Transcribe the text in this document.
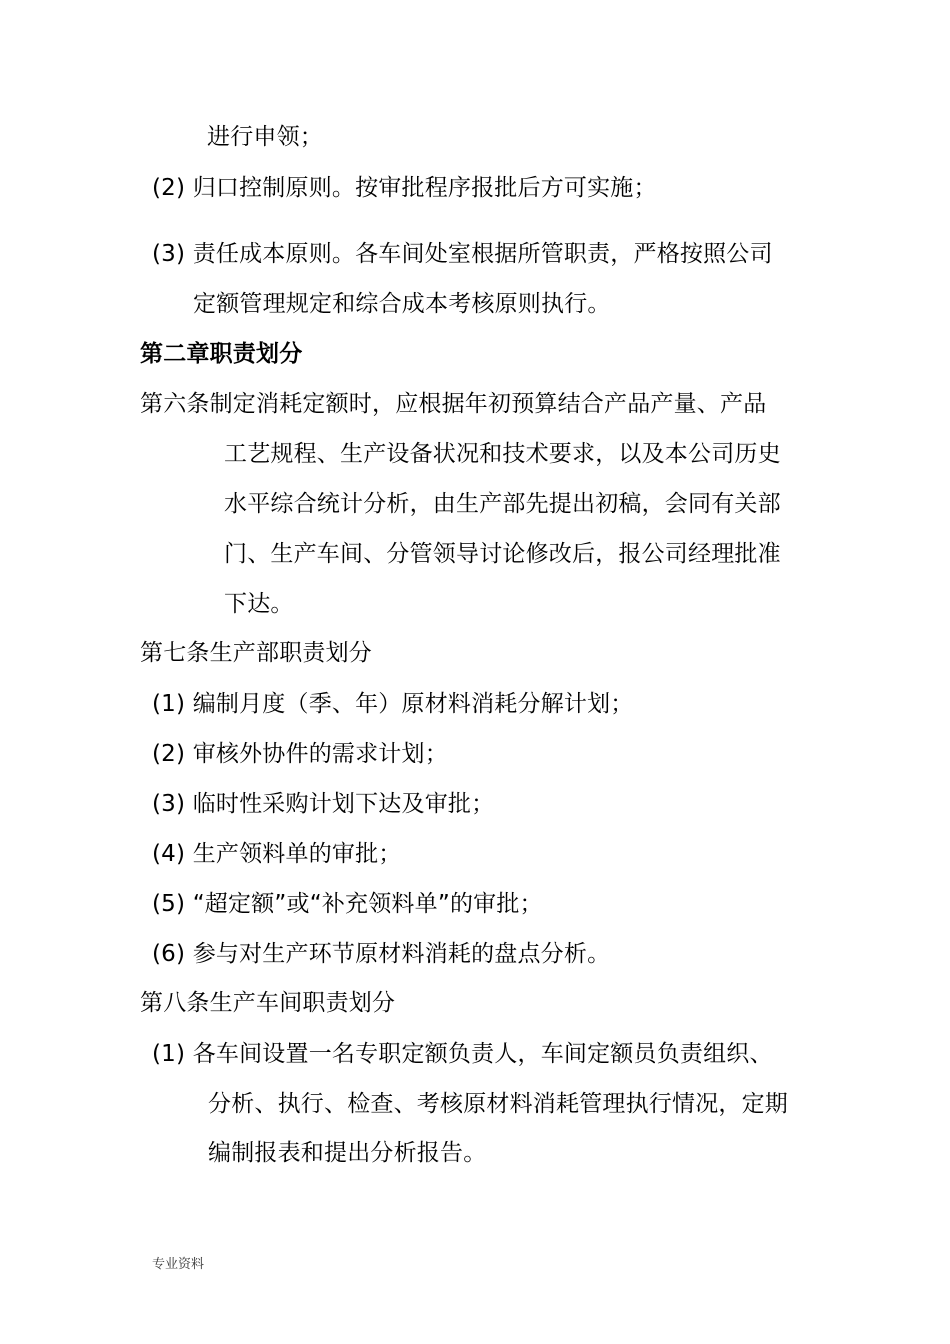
进行申领；
(2) 归口控制原则。按审批程序报批后方可实施；
(3) 责任成本原则。各车间处室根据所管职责，严格按照公司
定额管理规定和综合成本考核原则执行。
第二章职责划分
第六条制定消耗定额时，应根据年初预算结合产品产量、产品
工艺规程、生产设备状况和技术要求，以及本公司历史
水平综合统计分析，由生产部先提出初稿，会同有关部
门、生产车间、分管领导讨论修改后，报公司经理批准
下达。
第七条生产部职责划分
(1) 编制月度（季、年）原材料消耗分解计划；
(2) 审核外协件的需求计划；
(3) 临时性采购计划下达及审批；
(4) 生产领料单的审批；
(5) “超定额”或“补充领料单”的审批；
(6) 参与对生产环节原材料消耗的盘点分析。
第八条生产车间职责划分
(1) 各车间设置一名专职定额负责人，车间定额员负责组织、
分析、执行、检查、考核原材料消耗管理执行情况，定期
编制报表和提出分析报告。
专业资料
